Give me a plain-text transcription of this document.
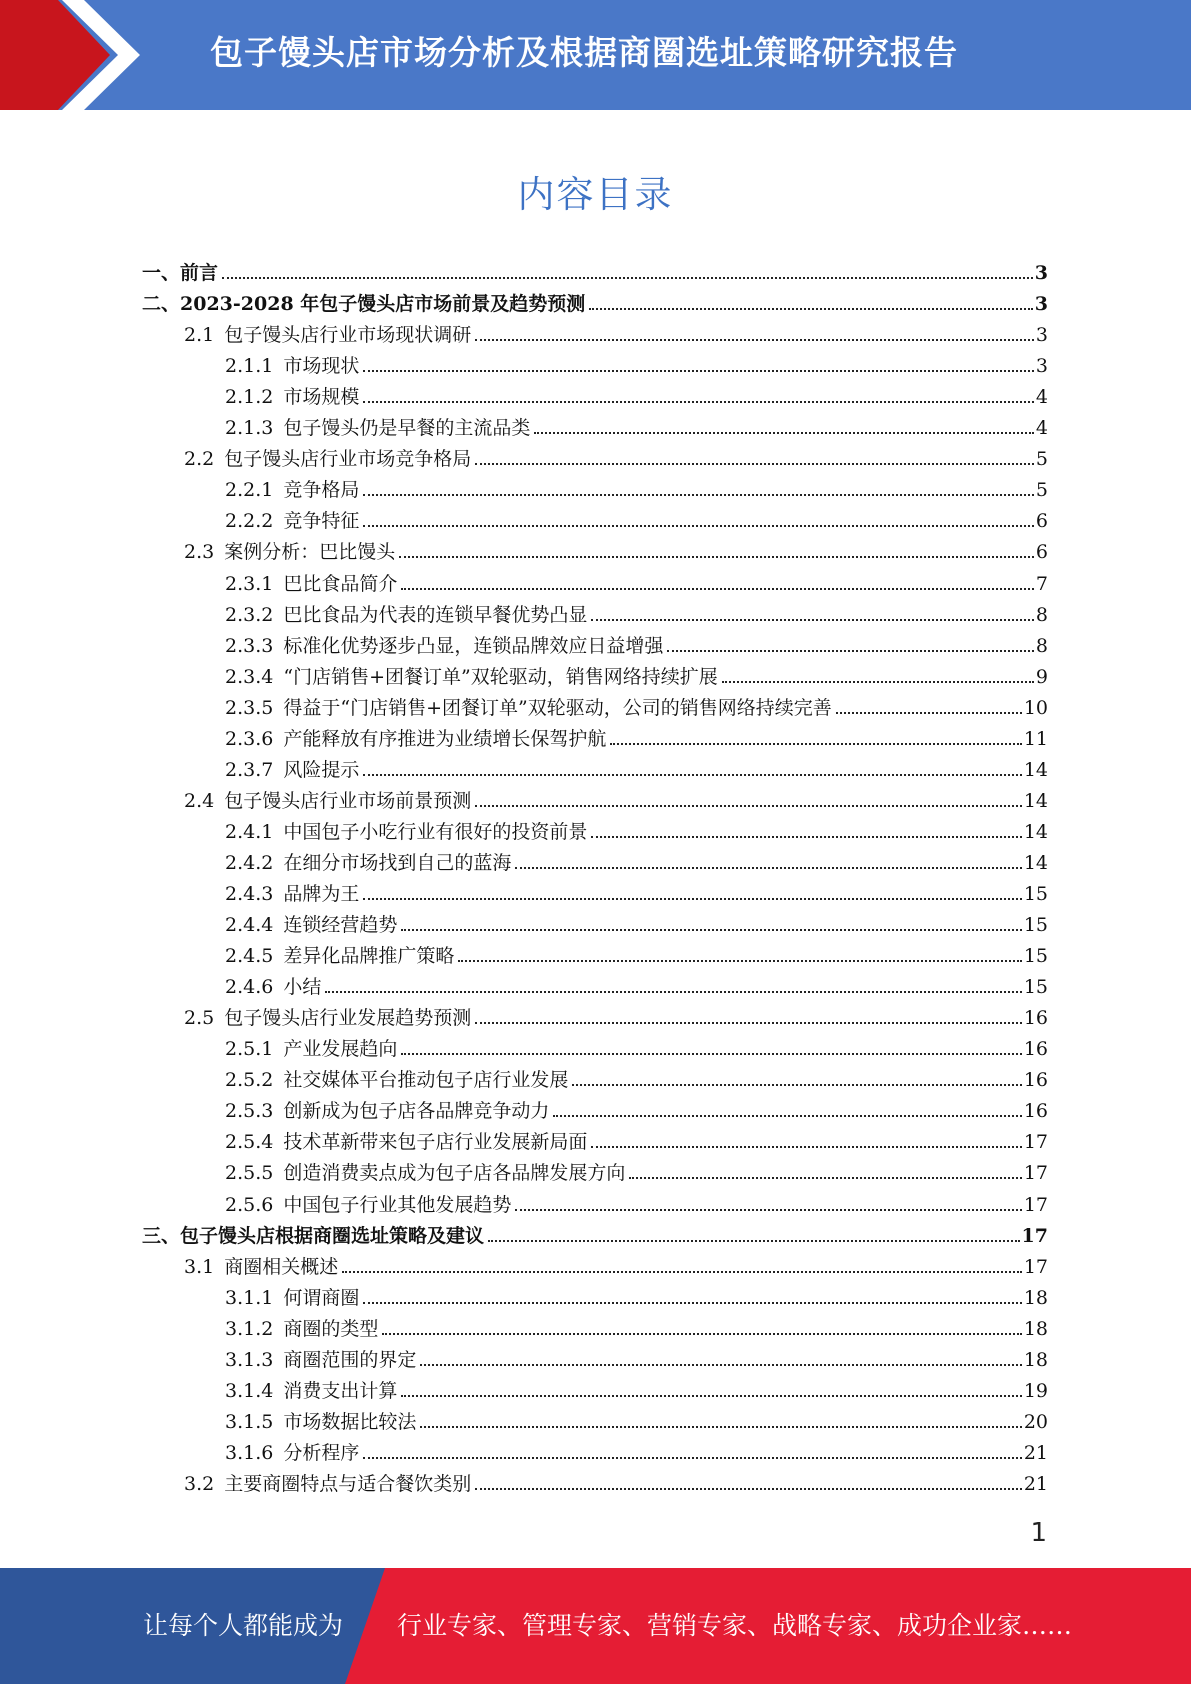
包子馒头店市场分析及根据商圈选址策略研究报告
内容目录
一、 前言	3
二、 2023-2028 年包子馒头店市场前景及趋势预测	3
2.1 包子馒头店行业市场现状调研	3
2.1.1 市场现状	3
2.1.2 市场规模	4
2.1.3 包子馒头仍是早餐的主流品类	4
2.2 包子馒头店行业市场竞争格局	5
2.2.1 竞争格局	5
2.2.2 竞争特征	6
2.3 案例分析：巴比馒头	6
2.3.1 巴比食品简介	7
2.3.2 巴比食品为代表的连锁早餐优势凸显	8
2.3.3 标准化优势逐步凸显，连锁品牌效应日益增强	8
2.3.4 “门店销售+团餐订单”双轮驱动，销售网络持续扩展	9
2.3.5 得益于“门店销售+团餐订单”双轮驱动，公司的销售网络持续完善	10
2.3.6 产能释放有序推进为业绩增长保驾护航	11
2.3.7 风险提示	14
2.4 包子馒头店行业市场前景预测	14
2.4.1 中国包子小吃行业有很好的投资前景	14
2.4.2 在细分市场找到自己的蓝海	14
2.4.3 品牌为王	15
2.4.4 连锁经营趋势	15
2.4.5 差异化品牌推广策略	15
2.4.6 小结	15
2.5 包子馒头店行业发展趋势预测	16
2.5.1 产业发展趋向	16
2.5.2 社交媒体平台推动包子店行业发展	16
2.5.3 创新成为包子店各品牌竞争动力	16
2.5.4 技术革新带来包子店行业发展新局面	17
2.5.5 创造消费卖点成为包子店各品牌发展方向	17
2.5.6 中国包子行业其他发展趋势	17
三、 包子馒头店根据商圈选址策略及建议	17
3.1 商圈相关概述	17
3.1.1 何谓商圈	18
3.1.2 商圈的类型	18
3.1.3 商圈范围的界定	18
3.1.4 消费支出计算	19
3.1.5 市场数据比较法	20
3.1.6 分析程序	21
3.2 主要商圈特点与适合餐饮类别	21
1
让每个人都能成为 行业专家、管理专家、营销专家、战略专家、成功企业家……
